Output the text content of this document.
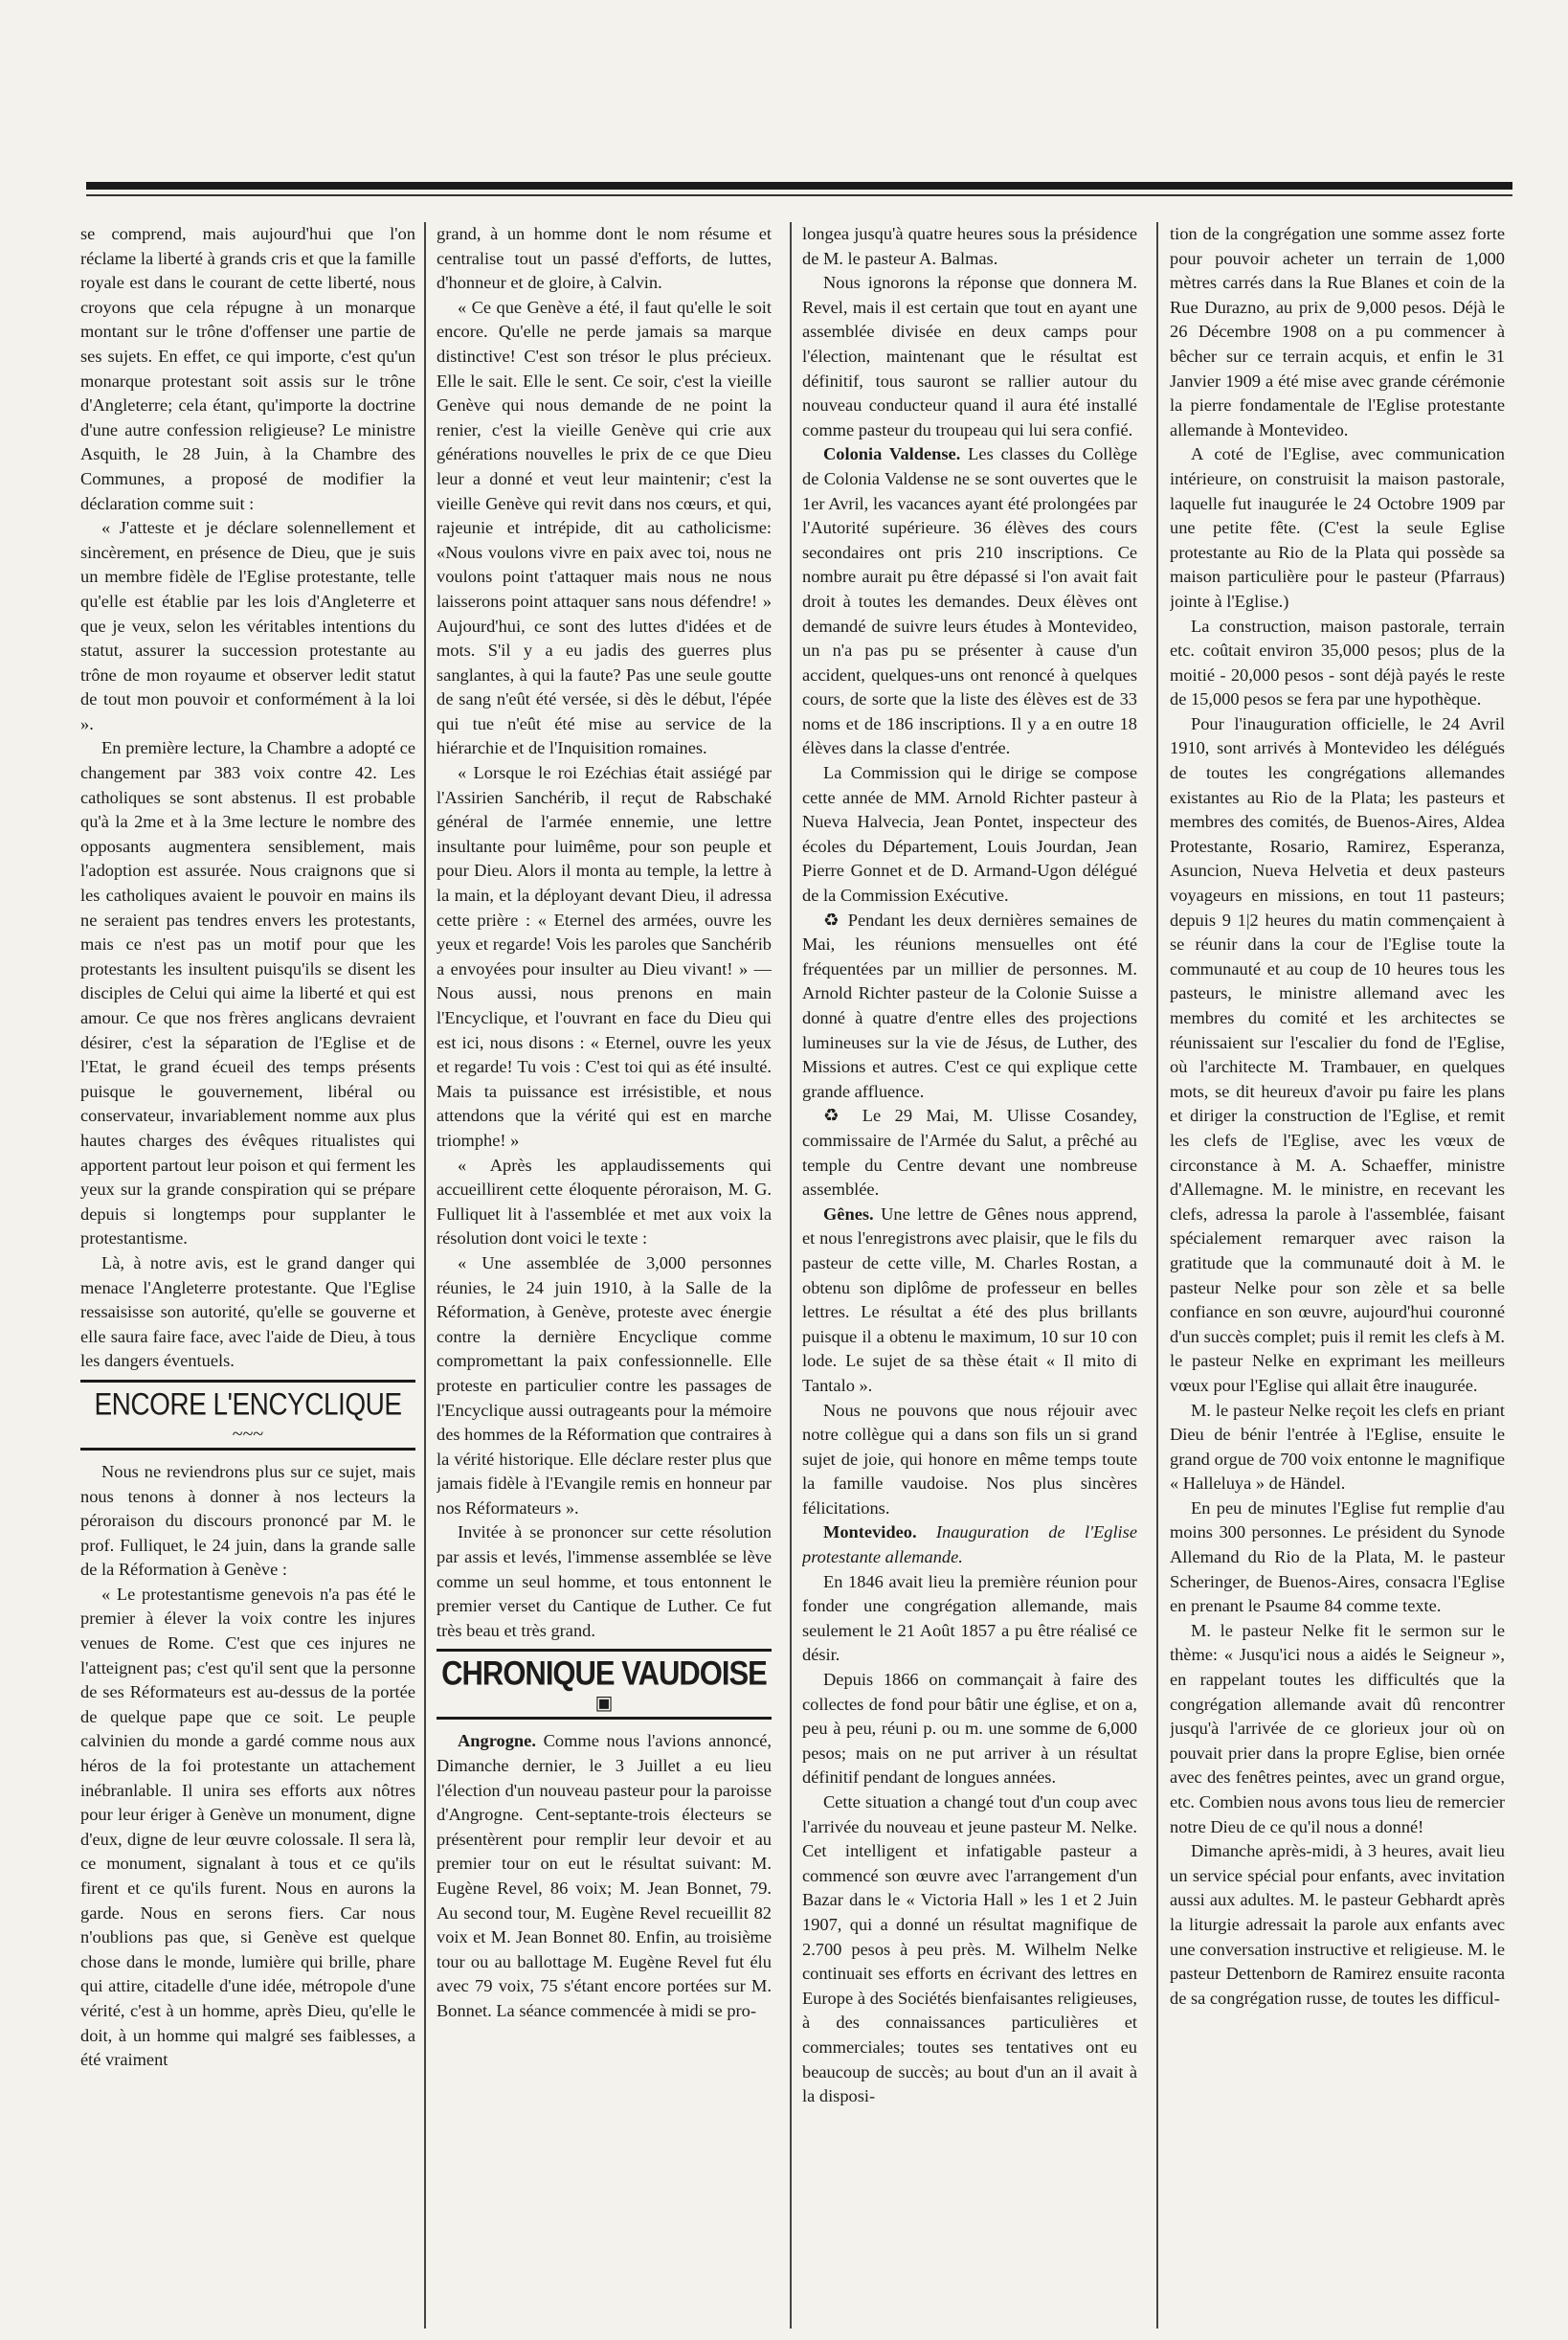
se comprend, mais aujourd'hui que l'on réclame la liberté à grands cris et que la famille royale est dans le courant de cette liberté, nous croyons que cela répugne à un monarque montant sur le trône d'offenser une partie de ses sujets. En effet, ce qui importe, c'est qu'un monarque protestant soit assis sur le trône d'Angleterre; cela étant, qu'importe la doctrine d'une autre confession religieuse? Le ministre Asquith, le 28 Juin, à la Chambre des Communes, a proposé de modifier la déclaration comme suit :

« J'atteste et je déclare solennellement et sincèrement, en présence de Dieu, que je suis un membre fidèle de l'Eglise protestante, telle qu'elle est établie par les lois d'Angleterre et que je veux, selon les véritables intentions du statut, assurer la succession protestante au trône de mon royaume et observer ledit statut de tout mon pouvoir et conformément à la loi ».

En première lecture, la Chambre a adopté ce changement par 383 voix contre 42. Les catholiques se sont abstenus. Il est probable qu'à la 2me et à la 3me lecture le nombre des opposants augmentera sensiblement, mais l'adoption est assurée. Nous craignons que si les catholiques avaient le pouvoir en mains ils ne seraient pas tendres envers les protestants, mais ce n'est pas un motif pour que les protestants les insultent puisqu'ils se disent les disciples de Celui qui aime la liberté et qui est amour. Ce que nos frères anglicans devraient désirer, c'est la séparation de l'Eglise et de l'Etat, le grand écueil des temps présents puisque le gouvernement, libéral ou conservateur, invariablement nomme aux plus hautes charges des évêques ritualistes qui apportent partout leur poison et qui ferment les yeux sur la grande conspiration qui se prépare depuis si longtemps pour supplanter le protestantisme.

Là, à notre avis, est le grand danger qui menace l'Angleterre protestante. Que l'Eglise ressaisisse son autorité, qu'elle se gouverne et elle saura faire face, avec l'aide de Dieu, à tous les dangers éventuels.

ENCORE L'ENCYCLIQUE
~~~

Nous ne reviendrons plus sur ce sujet, mais nous tenons à donner à nos lecteurs la péroraison du discours prononcé par M. le prof. Fulliquet, le 24 juin, dans la grande salle de la Réformation à Genève :

« Le protestantisme genevois n'a pas été le premier à élever la voix contre les injures venues de Rome. C'est que ces injures ne l'atteignent pas; c'est qu'il sent que la personne de ses Réformateurs est au-dessus de la portée de quelque pape que ce soit. Le peuple calvinien du monde a gardé comme nous aux héros de la foi protestante un attachement inébranlable. Il unira ses efforts aux nôtres pour leur ériger à Genève un monument, digne d'eux, digne de leur œuvre colossale. Il sera là, ce monument, signalant à tous et ce qu'ils firent et ce qu'ils furent. Nous en aurons la garde. Nous en serons fiers. Car nous n'oublions pas que, si Genève est quelque chose dans le monde, lumière qui brille, phare qui attire, citadelle d'une idée, métropole d'une vérité, c'est à un homme, après Dieu, qu'elle le doit, à un homme qui malgré ses faiblesses, a été vraiment

grand, à un homme dont le nom résume et centralise tout un passé d'efforts, de luttes, d'honneur et de gloire, à Calvin.

« Ce que Genève a été, il faut qu'elle le soit encore. Qu'elle ne perde jamais sa marque distinctive! C'est son trésor le plus précieux. Elle le sait. Elle le sent. Ce soir, c'est la vieille Genève qui nous demande de ne point la renier, c'est la vieille Genève qui crie aux générations nouvelles le prix de ce que Dieu leur a donné et veut leur maintenir; c'est la vieille Genève qui revit dans nos cœurs, et qui, rajeunie et intrépide, dit au catholicisme: «Nous voulons vivre en paix avec toi, nous ne voulons point t'attaquer mais nous ne nous laisserons point attaquer sans nous défendre! » Aujourd'hui, ce sont des luttes d'idées et de mots. S'il y a eu jadis des guerres plus sanglantes, à qui la faute? Pas une seule goutte de sang n'eût été versée, si dès le début, l'épée qui tue n'eût été mise au service de la hiérarchie et de l'Inquisition romaines.

« Lorsque le roi Ezéchias était assiégé par l'Assirien Sanchérib, il reçut de Rabschaké général de l'armée ennemie, une lettre insultante pour luimême, pour son peuple et pour Dieu. Alors il monta au temple, la lettre à la main, et la déployant devant Dieu, il adressa cette prière : « Eternel des armées, ouvre les yeux et regarde! Vois les paroles que Sanchérib a envoyées pour insulter au Dieu vivant! » — Nous aussi, nous prenons en main l'Encyclique, et l'ouvrant en face du Dieu qui est ici, nous disons : « Eternel, ouvre les yeux et regarde! Tu vois : C'est toi qui as été insulté. Mais ta puissance est irrésistible, et nous attendons que la vérité qui est en marche triomphe! »

« Après les applaudissements qui accueillirent cette éloquente péroraison, M. G. Fulliquet lit à l'assemblée et met aux voix la résolution dont voici le texte :

« Une assemblée de 3,000 personnes réunies, le 24 juin 1910, à la Salle de la Réformation, à Genève, proteste avec énergie contre la dernière Encyclique comme compromettant la paix confessionnelle. Elle proteste en particulier contre les passages de l'Encyclique aussi outrageants pour la mémoire des hommes de la Réformation que contraires à la vérité historique. Elle déclare rester plus que jamais fidèle à l'Evangile remis en honneur par nos Réformateurs ».

Invitée à se prononcer sur cette résolution par assis et levés, l'immense assemblée se lève comme un seul homme, et tous entonnent le premier verset du Cantique de Luther. Ce fut très beau et très grand.

CHRONIQUE VAUDOISE
▣

Angrogne. Comme nous l'avions annoncé, Dimanche dernier, le 3 Juillet a eu lieu l'élection d'un nouveau pasteur pour la paroisse d'Angrogne. Cent-septante-trois électeurs se présentèrent pour remplir leur devoir et au premier tour on eut le résultat suivant: M. Eugène Revel, 86 voix; M. Jean Bonnet, 79. Au second tour, M. Eugène Revel recueillit 82 voix et M. Jean Bonnet 80. Enfin, au troisième tour ou au ballottage M. Eugène Revel fut élu avec 79 voix, 75 s'étant encore portées sur M. Bonnet. La séance commencée à midi se pro-

longea jusqu'à quatre heures sous la présidence de M. le pasteur A. Balmas.

Nous ignorons la réponse que donnera M. Revel, mais il est certain que tout en ayant une assemblée divisée en deux camps pour l'élection, maintenant que le résultat est définitif, tous sauront se rallier autour du nouveau conducteur quand il aura été installé comme pasteur du troupeau qui lui sera confié.

Colonia Valdense. Les classes du Collège de Colonia Valdense ne se sont ouvertes que le 1er Avril, les vacances ayant été prolongées par l'Autorité supérieure. 36 élèves des cours secondaires ont pris 210 inscriptions. Ce nombre aurait pu être dépassé si l'on avait fait droit à toutes les demandes. Deux élèves ont demandé de suivre leurs études à Montevideo, un n'a pas pu se présenter à cause d'un accident, quelques-uns ont renoncé à quelques cours, de sorte que la liste des élèves est de 33 noms et de 186 inscriptions. Il y a en outre 18 élèves dans la classe d'entrée.

La Commission qui le dirige se compose cette année de MM. Arnold Richter pasteur à Nueva Halvecia, Jean Pontet, inspecteur des écoles du Département, Louis Jourdan, Jean Pierre Gonnet et de D. Armand-Ugon délégué de la Commission Exécutive.

♻ Pendant les deux dernières semaines de Mai, les réunions mensuelles ont été fréquentées par un millier de personnes. M. Arnold Richter pasteur de la Colonie Suisse a donné à quatre d'entre elles des projections lumineuses sur la vie de Jésus, de Luther, des Missions et autres. C'est ce qui explique cette grande affluence.

♻ Le 29 Mai, M. Ulisse Cosandey, commissaire de l'Armée du Salut, a prêché au temple du Centre devant une nombreuse assemblée.

Gênes. Une lettre de Gênes nous apprend, et nous l'enregistrons avec plaisir, que le fils du pasteur de cette ville, M. Charles Rostan, a obtenu son diplôme de professeur en belles lettres. Le résultat a été des plus brillants puisque il a obtenu le maximum, 10 sur 10 con lode. Le sujet de sa thèse était « Il mito di Tantalo ».

Nous ne pouvons que nous réjouir avec notre collègue qui a dans son fils un si grand sujet de joie, qui honore en même temps toute la famille vaudoise. Nos plus sincères félicitations.

Montevideo. Inauguration de l'Eglise protestante allemande.

En 1846 avait lieu la première réunion pour fonder une congrégation allemande, mais seulement le 21 Août 1857 a pu être réalisé ce désir.

Depuis 1866 on commançait à faire des collectes de fond pour bâtir une église, et on a, peu à peu, réuni p. ou m. une somme de 6,000 pesos; mais on ne put arriver à un résultat définitif pendant de longues années.

Cette situation a changé tout d'un coup avec l'arrivée du nouveau et jeune pasteur M. Nelke. Cet intelligent et infatigable pasteur a commencé son œuvre avec l'arrangement d'un Bazar dans le « Victoria Hall » les 1 et 2 Juin 1907, qui a donné un résultat magnifique de 2.700 pesos à peu près. M. Wilhelm Nelke continuait ses efforts en écrivant des lettres en Europe à des Sociétés bienfaisantes religieuses, à des connaissances particulières et commerciales; toutes ses tentatives ont eu beaucoup de succès; au bout d'un an il avait à la disposi-

tion de la congrégation une somme assez forte pour pouvoir acheter un terrain de 1,000 mètres carrés dans la Rue Blanes et coin de la Rue Durazno, au prix de 9,000 pesos. Déjà le 26 Décembre 1908 on a pu commencer à bêcher sur ce terrain acquis, et enfin le 31 Janvier 1909 a été mise avec grande cérémonie la pierre fondamentale de l'Eglise protestante allemande à Montevideo.

A coté de l'Eglise, avec communication intérieure, on construisit la maison pastorale, laquelle fut inaugurée le 24 Octobre 1909 par une petite fête. (C'est la seule Eglise protestante au Rio de la Plata qui possède sa maison particulière pour le pasteur (Pfarraus) jointe à l'Eglise.)

La construction, maison pastorale, terrain etc. coûtait environ 35,000 pesos; plus de la moitié - 20,000 pesos - sont déjà payés le reste de 15,000 pesos se fera par une hypothèque.

Pour l'inauguration officielle, le 24 Avril 1910, sont arrivés à Montevideo les délégués de toutes les congrégations allemandes existantes au Rio de la Plata; les pasteurs et membres des comités, de Buenos-Aires, Aldea Protestante, Rosario, Ramirez, Esperanza, Asuncion, Nueva Helvetia et deux pasteurs voyageurs en missions, en tout 11 pasteurs; depuis 9 1|2 heures du matin commençaient à se réunir dans la cour de l'Eglise toute la communauté et au coup de 10 heures tous les pasteurs, le ministre allemand avec les membres du comité et les architectes se réunissaient sur l'escalier du fond de l'Eglise, où l'architecte M. Trambauer, en quelques mots, se dit heureux d'avoir pu faire les plans et diriger la construction de l'Eglise, et remit les clefs de l'Eglise, avec les vœux de circonstance à M. A. Schaeffer, ministre d'Allemagne. M. le ministre, en recevant les clefs, adressa la parole à l'assemblée, faisant spécialement remarquer avec raison la gratitude que la communauté doit à M. le pasteur Nelke pour son zèle et sa belle confiance en son œuvre, aujourd'hui couronné d'un succès complet; puis il remit les clefs à M. le pasteur Nelke en exprimant les meilleurs vœux pour l'Eglise qui allait être inaugurée.

M. le pasteur Nelke reçoit les clefs en priant Dieu de bénir l'entrée à l'Eglise, ensuite le grand orgue de 700 voix entonne le magnifique « Halleluya » de Händel.

En peu de minutes l'Eglise fut remplie d'au moins 300 personnes. Le président du Synode Allemand du Rio de la Plata, M. le pasteur Scheringer, de Buenos-Aires, consacra l'Eglise en prenant le Psaume 84 comme texte.

M. le pasteur Nelke fit le sermon sur le thème: « Jusqu'ici nous a aidés le Seigneur », en rappelant toutes les difficultés que la congrégation allemande avait dû rencontrer jusqu'à l'arrivée de ce glorieux jour où on pouvait prier dans la propre Eglise, bien ornée avec des fenêtres peintes, avec un grand orgue, etc. Combien nous avons tous lieu de remercier notre Dieu de ce qu'il nous a donné!

Dimanche après-midi, à 3 heures, avait lieu un service spécial pour enfants, avec invitation aussi aux adultes. M. le pasteur Gebhardt après la liturgie adressait la parole aux enfants avec une conversation instructive et religieuse. M. le pasteur Dettenborn de Ramirez ensuite raconta de sa congrégation russe, de toutes les difficul-
